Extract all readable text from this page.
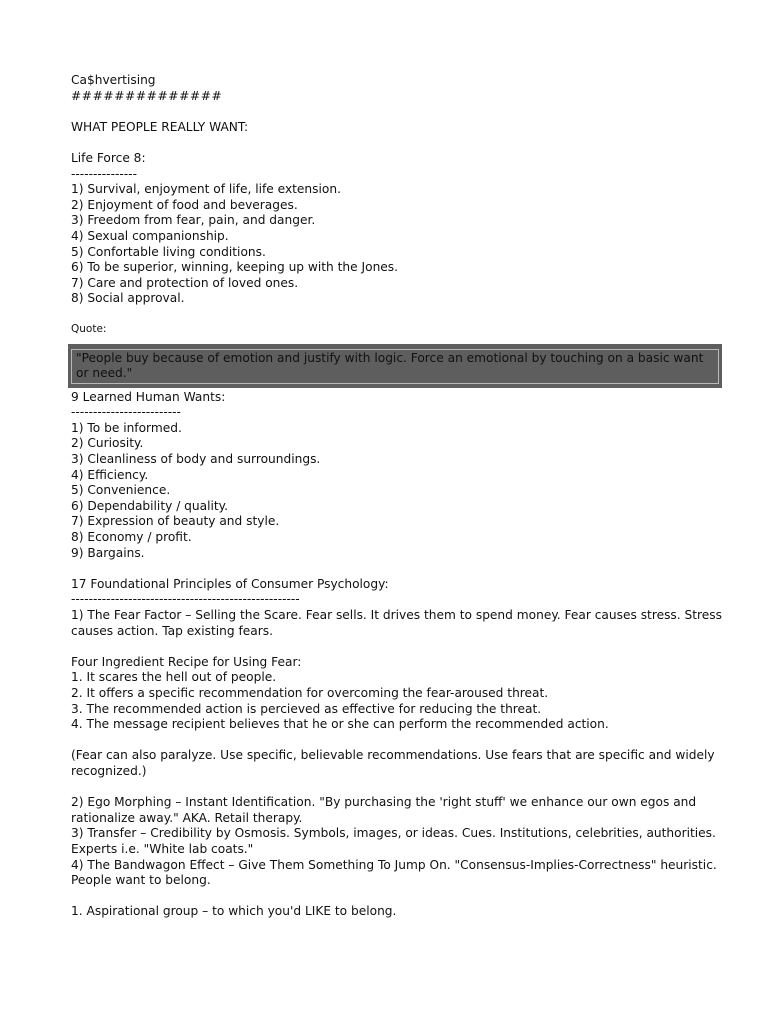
Ca$hvertising
##############
WHAT PEOPLE REALLY WANT:
Life Force 8:
---------------
1) Survival, enjoyment of life, life extension.
2) Enjoyment of food and beverages.
3) Freedom from fear, pain, and danger.
4) Sexual companionship.
5) Confortable living conditions.
6) To be superior, winning, keeping up with the Jones.
7) Care and protection of loved ones.
8) Social approval.
Quote:
"People buy because of emotion and justify with logic. Force an emotional by touching on a basic want or need."
9 Learned Human Wants:
-------------------------
1) To be informed.
2) Curiosity.
3) Cleanliness of body and surroundings.
4) Efficiency.
5) Convenience.
6) Dependability / quality.
7) Expression of beauty and style.
8) Economy / profit.
9) Bargains.
17 Foundational Principles of Consumer Psychology:
----------------------------------------------------
1) The Fear Factor – Selling the Scare. Fear sells. It drives them to spend money. Fear causes stress. Stress causes action. Tap existing fears.
Four Ingredient Recipe for Using Fear:
1. It scares the hell out of people.
2. It offers a specific recommendation for overcoming the fear-aroused threat.
3. The recommended action is percieved as effective for reducing the threat.
4. The message recipient believes that he or she can perform the recommended action.
(Fear can also paralyze. Use specific, believable recommendations. Use fears that are specific and widely recognized.)
2) Ego Morphing – Instant Identification. "By purchasing the 'right stuff' we enhance our own egos and rationalize away." AKA. Retail therapy.
3) Transfer – Credibility by Osmosis. Symbols, images, or ideas. Cues. Institutions, celebrities, authorities. Experts i.e. "White lab coats."
4) The Bandwagon Effect – Give Them Something To Jump On. "Consensus-Implies-Correctness" heuristic. People want to belong.
1. Aspirational group – to which you'd LIKE to belong.
